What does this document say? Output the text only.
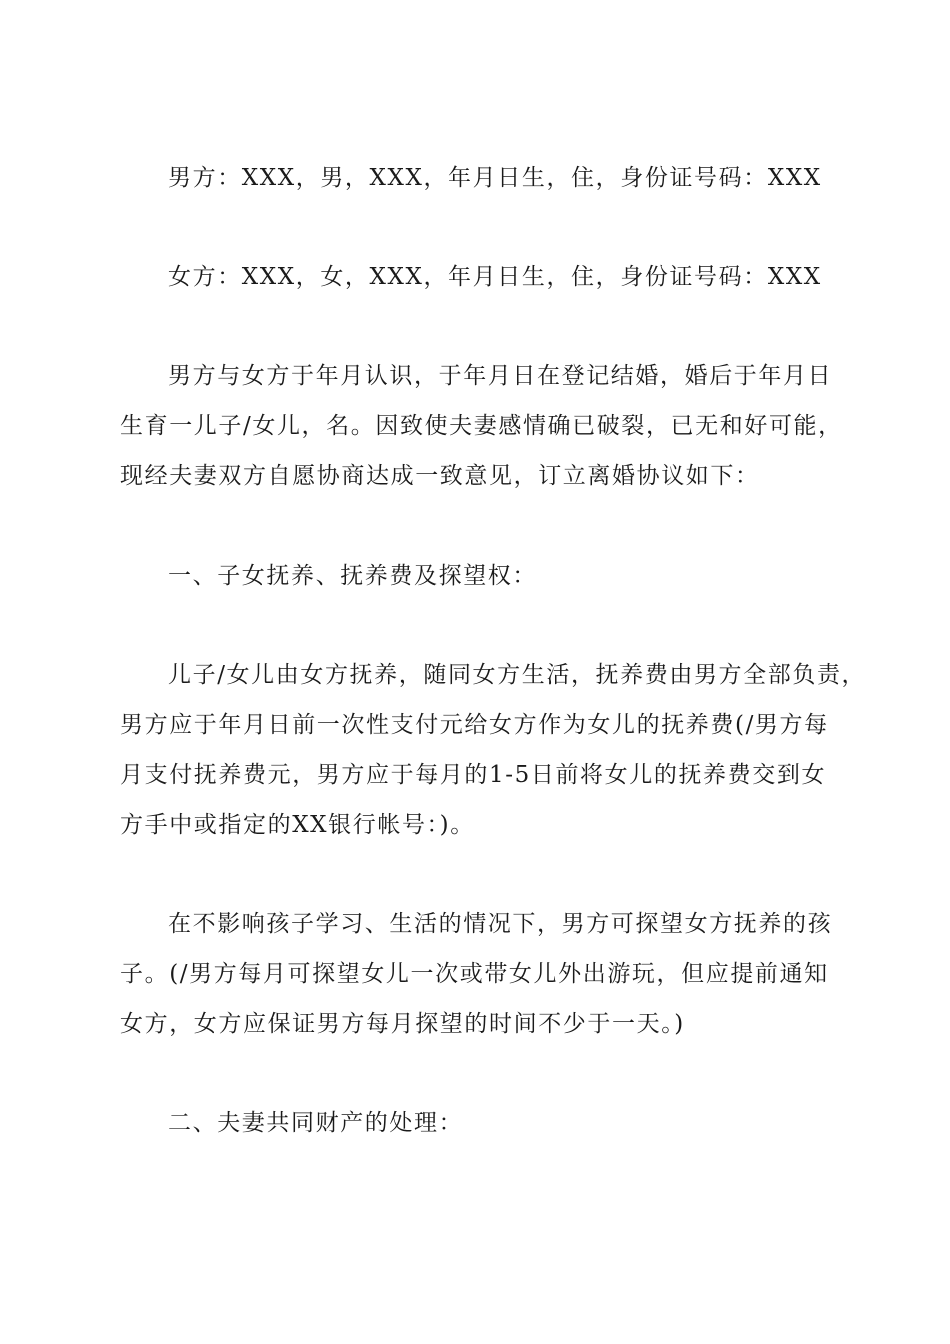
男方：XXX，男，XXX，年月日生，住，身份证号码：XXX
女方：XXX，女，XXX，年月日生，住，身份证号码：XXX
男方与女方于年月认识，于年月日在登记结婚，婚后于年月日
生育一儿子/女儿，名。因致使夫妻感情确已破裂，已无和好可能，
现经夫妻双方自愿协商达成一致意见，订立离婚协议如下：
一、子女抚养、抚养费及探望权：
儿子/女儿由女方抚养，随同女方生活，抚养费由男方全部负责，
男方应于年月日前一次性支付元给女方作为女儿的抚养费(/男方每
月支付抚养费元，男方应于每月的1-5日前将女儿的抚养费交到女
方手中或指定的XX银行帐号：)。
在不影响孩子学习、生活的情况下，男方可探望女方抚养的孩
子。(/男方每月可探望女儿一次或带女儿外出游玩，但应提前通知
女方，女方应保证男方每月探望的时间不少于一天。)
二、夫妻共同财产的处理：
